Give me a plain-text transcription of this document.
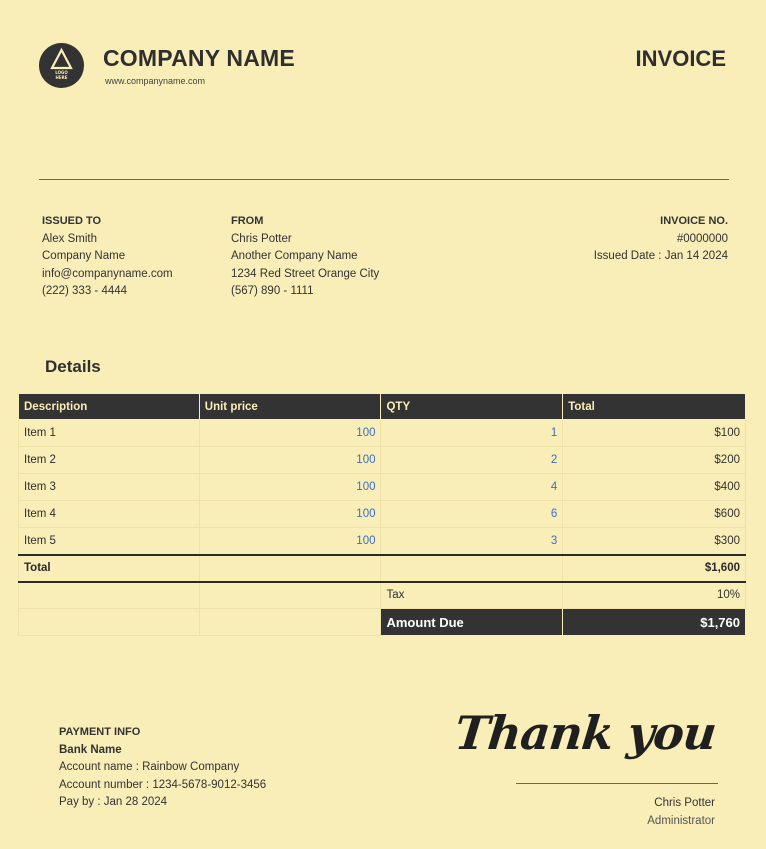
LOGO
HERE
COMPANY NAME
www.companyname.com
INVOICE
ISSUED TO
Alex Smith
Company Name
info@companyname.com
(222) 333 - 4444
FROM
Chris Potter
Another Company Name
1234 Red Street Orange City
(567) 890 - 1111
INVOICE NO.
#0000000
Issued Date : Jan 14 2024
Details
Description	Unit price	QTY	Total
Item 1	100	1	$100
Item 2	100	2	$200
Item 3	100	4	$400
Item 4	100	6	$600
Item 5	100	3	$300
Total			$1,600
		Tax	10%
		Amount Due	$1,760
PAYMENT INFO
Bank Name
Account name : Rainbow Company
Account number : 1234-5678-9012-3456
Pay by : Jan 28 2024
Thank you
Chris Potter
Administrator
